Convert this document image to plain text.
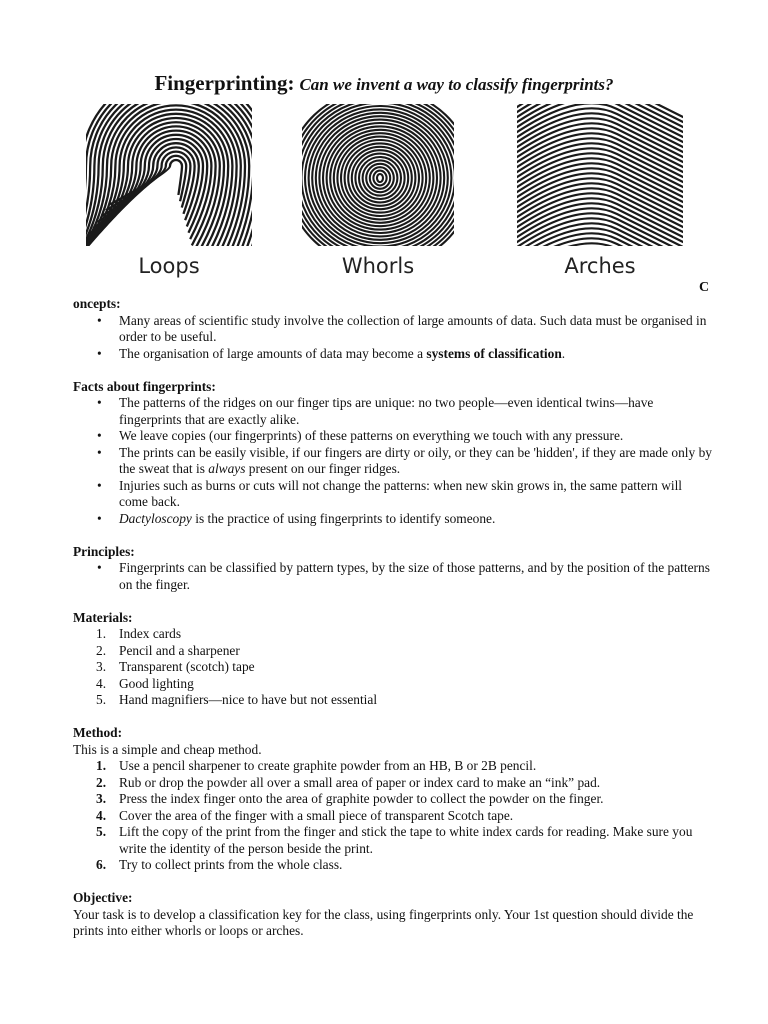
Fingerprinting: Can we invent a way to classify fingerprints?
Loops	Whorls	Arches
C

oncepts:

• Many areas of scientific study involve the collection of large amounts of data. Such data must be organised in order to be useful.
• The organisation of large amounts of data may become a systems of classification.

Facts about fingerprints:

• The patterns of the ridges on our finger tips are unique: no two people—even identical twins—have fingerprints that are exactly alike.
• We leave copies (our fingerprints) of these patterns on everything we touch with any pressure.
• The prints can be easily visible, if our fingers are dirty or oily, or they can be 'hidden', if they are made only by the sweat that is always present on our finger ridges.
• Injuries such as burns or cuts will not change the patterns: when new skin grows in, the same pattern will come back.
• Dactyloscopy is the practice of using fingerprints to identify someone.

Principles:

• Fingerprints can be classified by pattern types, by the size of those patterns, and by the position of the patterns on the finger.

Materials:

1. Index cards
2. Pencil and a sharpener
3. Transparent (scotch) tape
4. Good lighting
5. Hand magnifiers—nice to have but not essential

Method:

This is a simple and cheap method.

1. Use a pencil sharpener to create graphite powder from an HB, B or 2B pencil.
2. Rub or drop the powder all over a small area of paper or index card to make an “ink” pad.
3. Press the index finger onto the area of graphite powder to collect the powder on the finger.
4. Cover the area of the finger with a small piece of transparent Scotch tape.
5. Lift the copy of the print from the finger and stick the tape to white index cards for reading. Make sure you write the identity of the person beside the print.
6. Try to collect prints from the whole class.

Objective:

Your task is to develop a classification key for the class, using fingerprints only. Your 1st question should divide the prints into either whorls or loops or arches.
